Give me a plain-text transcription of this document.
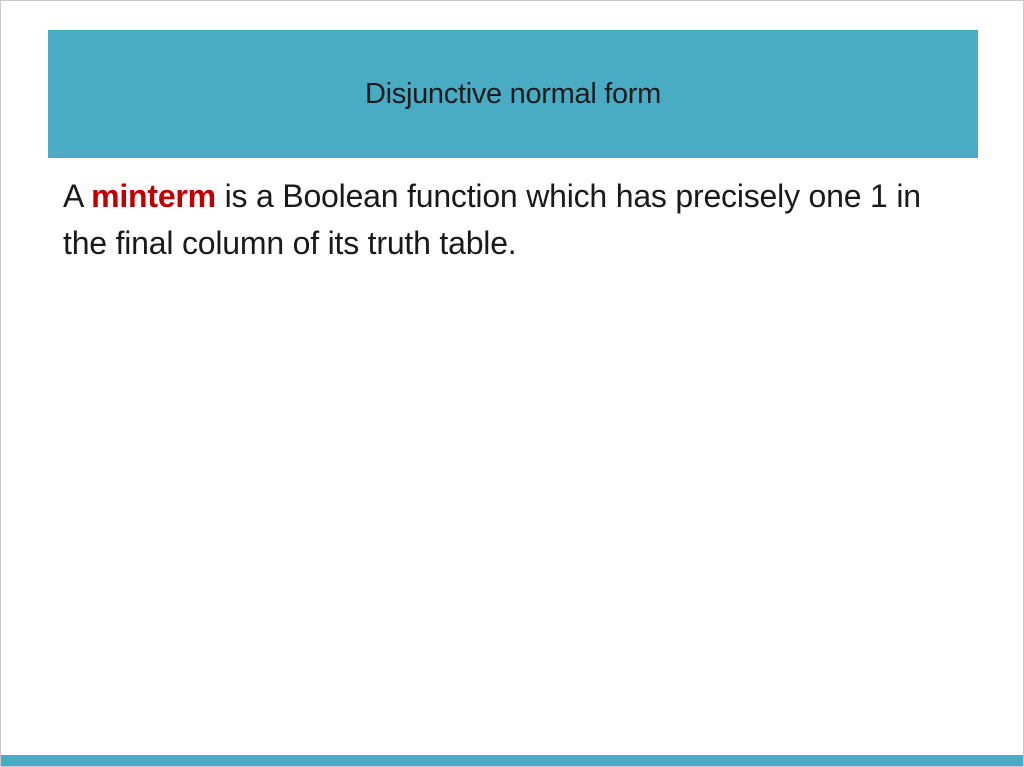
Disjunctive normal form

A minterm is a Boolean function which has precisely one 1 in the final column of its truth table.
